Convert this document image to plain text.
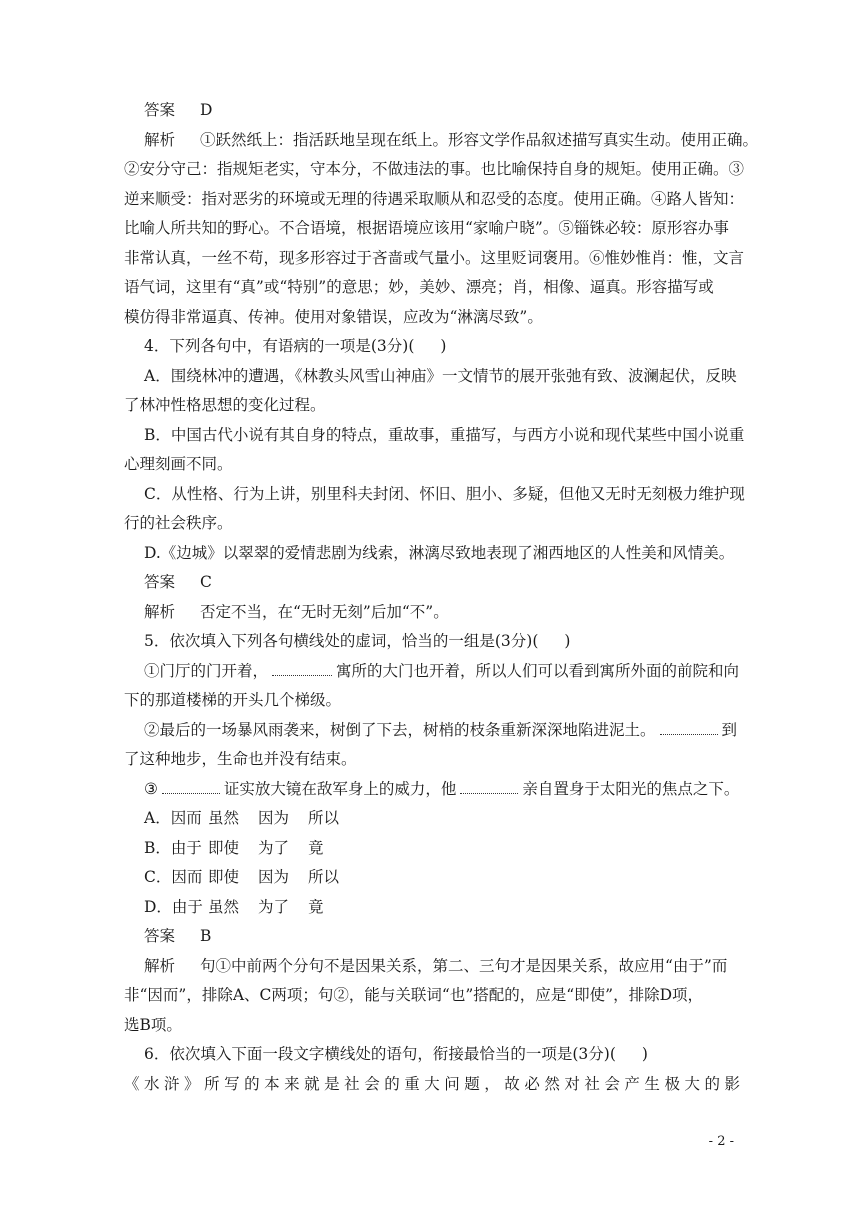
答案 D

解析 ①跃然纸上：指活跃地呈现在纸上。形容文学作品叙述描写真实生动。使用正确。

②安分守己：指规矩老实，守本分，不做违法的事。也比喻保持自身的规矩。使用正确。③

逆来顺受：指对恶劣的环境或无理的待遇采取顺从和忍受的态度。使用正确。④路人皆知：

比喻人所共知的野心。不合语境，根据语境应该用“家喻户晓”。⑤锱铢必较：原形容办事

非常认真，一丝不苟，现多形容过于吝啬或气量小。这里贬词褒用。⑥惟妙惟肖：惟，文言

语气词，这里有“真”或“特别”的意思；妙，美妙、漂亮；肖，相像、逼真。形容描写或

模仿得非常逼真、传神。使用对象错误，应改为“淋漓尽致”。

4．下列各句中，有语病的一项是(3分)( )

A．围绕林冲的遭遇，《林教头风雪山神庙》一文情节的展开张弛有致、波澜起伏，反映

了林冲性格思想的变化过程。

B．中国古代小说有其自身的特点，重故事，重描写，与西方小说和现代某些中国小说重

心理刻画不同。

C．从性格、行为上讲，别里科夫封闭、怀旧、胆小、多疑，但他又无时无刻极力维护现

行的社会秩序。

D.《边城》以翠翠的爱情悲剧为线索，淋漓尽致地表现了湘西地区的人性美和风情美。

答案 C

解析 否定不当，在“无时无刻”后加“不”。

5．依次填入下列各句横线处的虚词，恰当的一组是(3分)( )

①门厅的门开着，	寓所的大门也开着，所以人们可以看到寓所外面的前院和向

下的那道楼梯的开头几个梯级。

②最后的一场暴风雨袭来，树倒了下去，树梢的枝条重新深深地陷进泥土。	到

了这种地步，生命也并没有结束。

③	证实放大镜在敌军身上的威力，他	亲自置身于太阳光的焦点之下。

A．因而 虽然 因为 所以

B．由于 即使 为了 竟

C．因而 即使 因为 所以

D．由于 虽然 为了 竟

答案 B

解析 句①中前两个分句不是因果关系，第二、三句才是因果关系，故应用“由于”而

非“因而”，排除A、C两项；句②，能与关联词“也”搭配的，应是“即使”，排除D项，

选B项。

6．依次填入下面一段文字横线处的语句，衔接最恰当的一项是(3分)( )

《水浒》所写的本来就是社会的重大问题，故必然对社会产生极大的影

- 2 -
